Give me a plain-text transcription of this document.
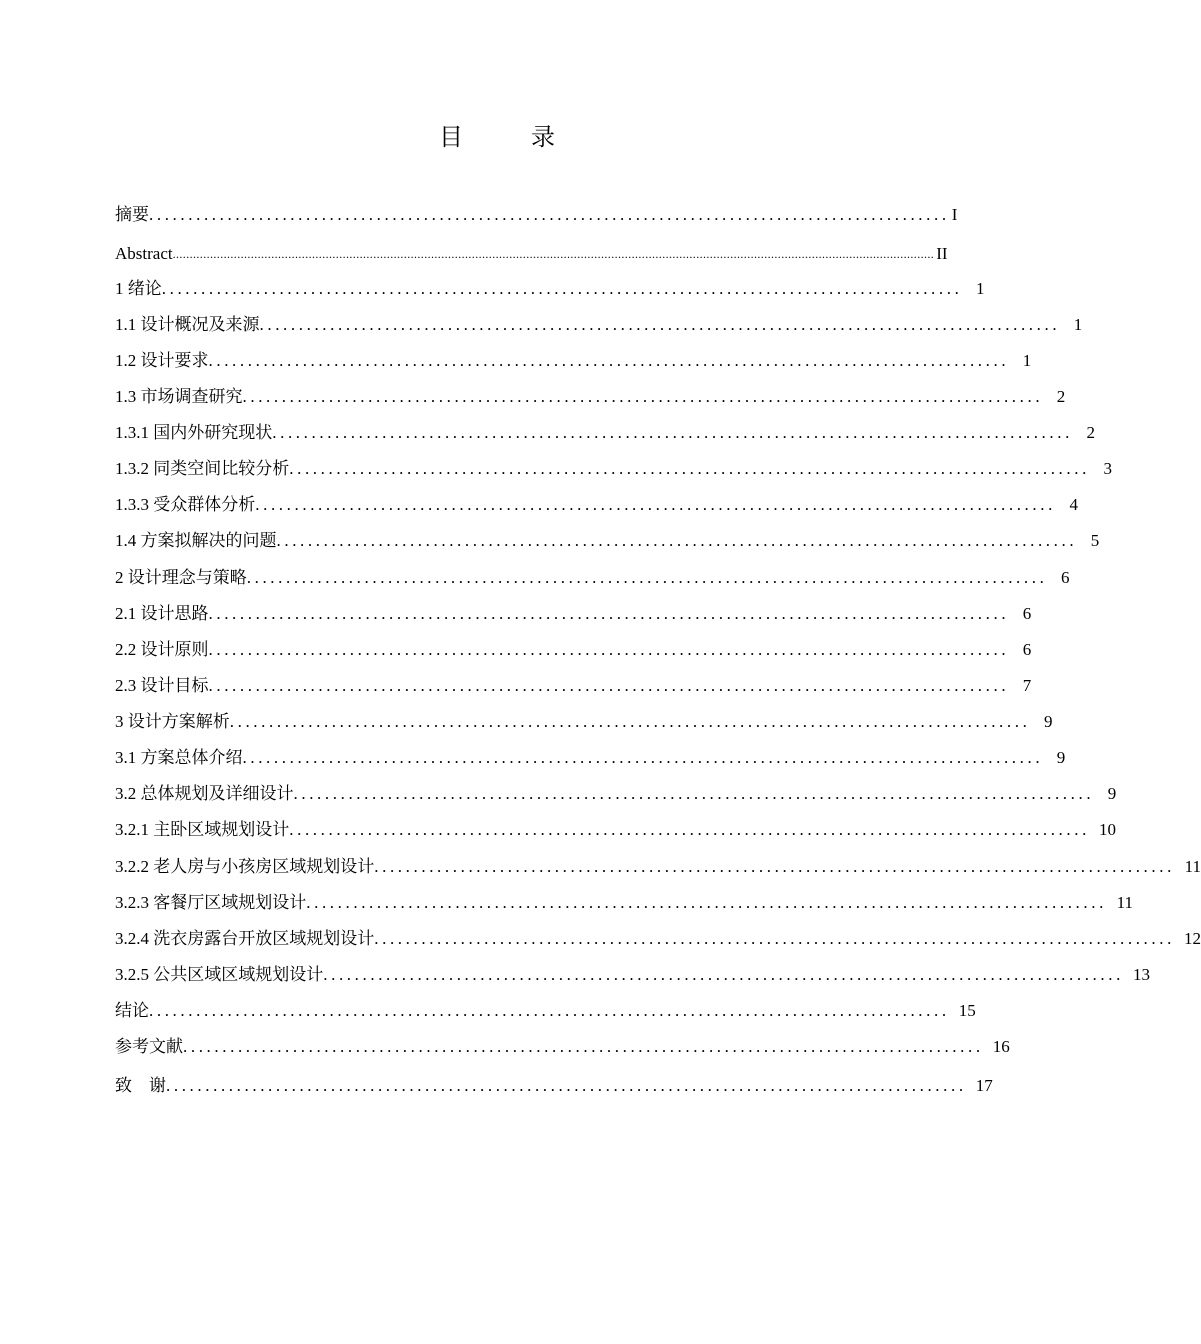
目　录
摘要 ...................................................................................................... I
Abstract ................................................................................................................................................................................................................................ II
1 绪论 ...................................................................................................... 1
1.1 设计概况及来源 ...................................................................................................... 1
1.2 设计要求 ...................................................................................................... 1
1.3 市场调查研究 ...................................................................................................... 2
1.3.1 国内外研究现状 ...................................................................................................... 2
1.3.2 同类空间比较分析 ...................................................................................................... 3
1.3.3 受众群体分析 ...................................................................................................... 4
1.4 方案拟解决的问题 ...................................................................................................... 5
2 设计理念与策略 ...................................................................................................... 6
2.1 设计思路 ...................................................................................................... 6
2.2 设计原则 ...................................................................................................... 6
2.3 设计目标 ...................................................................................................... 7
3 设计方案解析 ...................................................................................................... 9
3.1 方案总体介绍 ...................................................................................................... 9
3.2 总体规划及详细设计 ...................................................................................................... 9
3.2.1 主卧区域规划设计 ...................................................................................................... 10
3.2.2 老人房与小孩房区域规划设计 ...................................................................................................... 11
3.2.3 客餐厅区域规划设计 ...................................................................................................... 11
3.2.4 洗衣房露台开放区域规划设计 ...................................................................................................... 12
3.2.5 公共区域区域规划设计 ...................................................................................................... 13
结论 ...................................................................................................... 15
参考文献 ...................................................................................................... 16
致　谢 ...................................................................................................... 17
